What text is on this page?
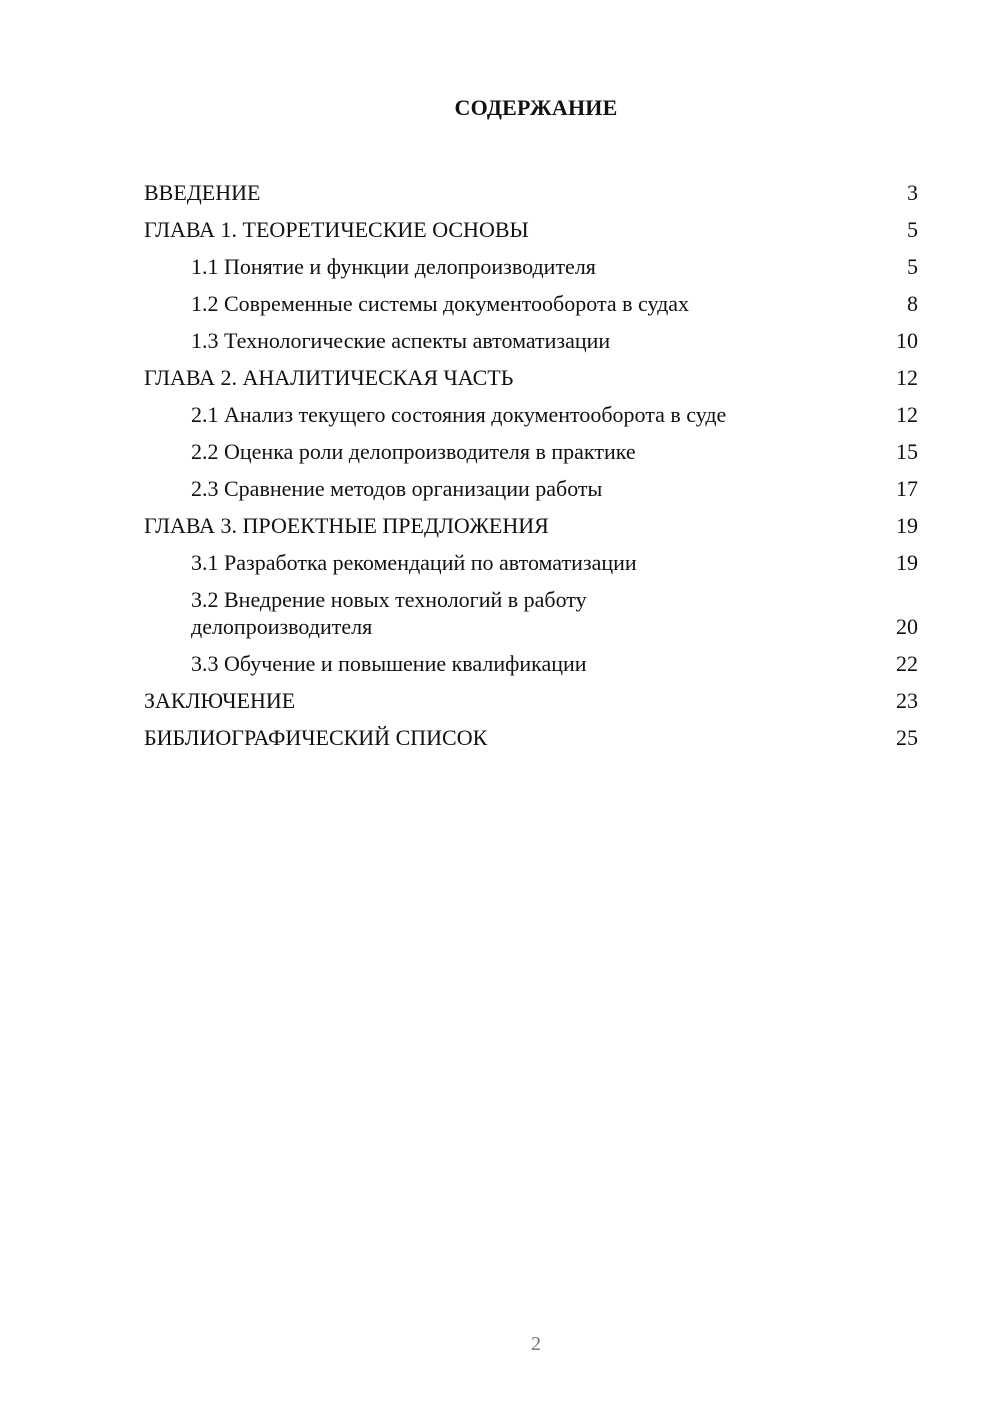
СОДЕРЖАНИЕ
ВВЕДЕНИЕ	3
ГЛАВА 1. ТЕОРЕТИЧЕСКИЕ ОСНОВЫ	5
1.1 Понятие и функции делопроизводителя	5
1.2 Современные системы документооборота в судах	8
1.3 Технологические аспекты автоматизации	10
ГЛАВА 2. АНАЛИТИЧЕСКАЯ ЧАСТЬ	12
2.1 Анализ текущего состояния документооборота в суде	12
2.2 Оценка роли делопроизводителя в практике	15
2.3 Сравнение методов организации работы	17
ГЛАВА 3. ПРОЕКТНЫЕ ПРЕДЛОЖЕНИЯ	19
3.1 Разработка рекомендаций по автоматизации	19
3.2 Внедрение новых технологий в работу делопроизводителя	20
3.3 Обучение и повышение квалификации	22
ЗАКЛЮЧЕНИЕ	23
БИБЛИОГРАФИЧЕСКИЙ СПИСОК	25
2
